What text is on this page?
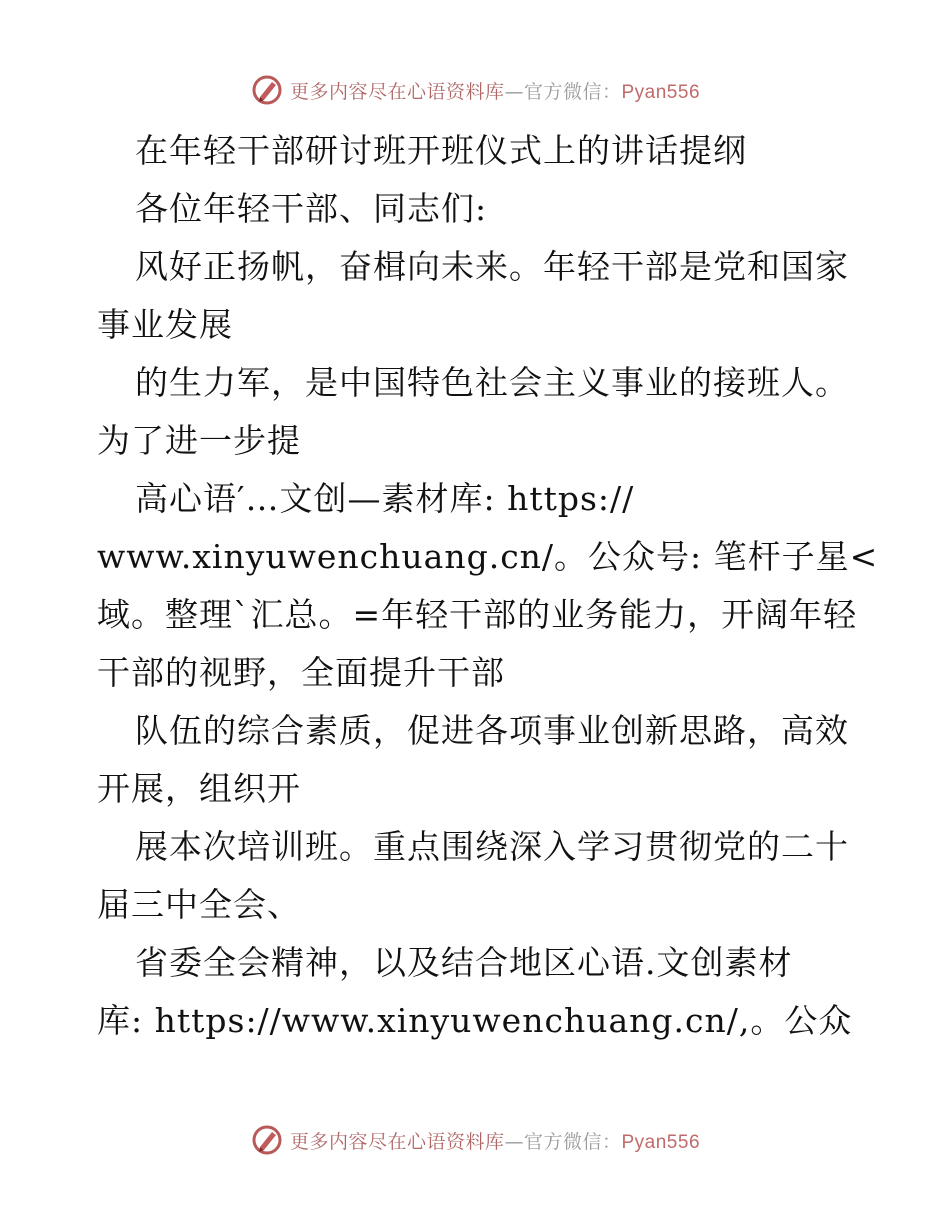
更多内容尽在心语资料库—官方微信：Pyan556
在年轻干部研讨班开班仪式上的讲话提纲
各位年轻干部、同志们:
风好正扬帆，奋楫向未来。年轻干部是党和国家
事业发展
的生力军，是中国特色社会主义事业的接班人。
为了进一步提
高心语′…文创—素材库: https://
www.xinyuwenchuang.cn/。公众号: 笔杆子星<
域。整理`汇总。=年轻干部的业务能力，开阔年轻
干部的视野，全面提升干部
队伍的综合素质，促进各项事业创新思路，高效
开展，组织开
展本次培训班。重点围绕深入学习贯彻党的二十
届三中全会、
省委全会精神，以及结合地区心语.文创素材
库: https://www.xinyuwenchuang.cn/,。公众
更多内容尽在心语资料库—官方微信：Pyan556
